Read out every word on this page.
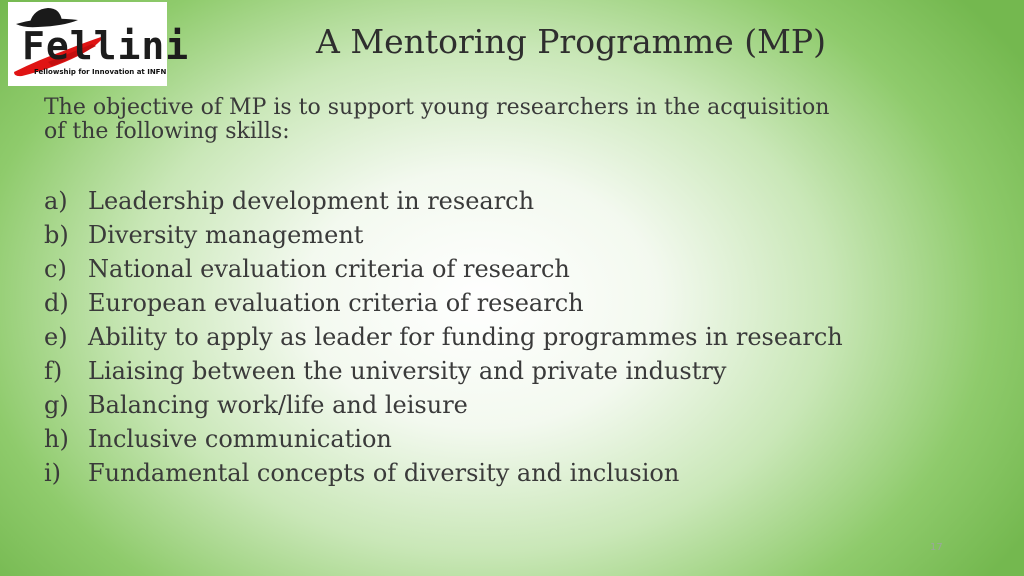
Fellini
Fellowship for Innovation at INFN
A Mentoring Programme (MP)
The objective of MP is to support young researchers in the acquisition
of the following skills:
a) Leadership development in research
b) Diversity management
c) National evaluation criteria of research
d) European evaluation criteria of research
e) Ability to apply as leader for funding programmes in research
f)	Liaising between the university and private industry
g) Balancing work/life and leisure
h) Inclusive communication
i)	Fundamental concepts of diversity and inclusion
17
